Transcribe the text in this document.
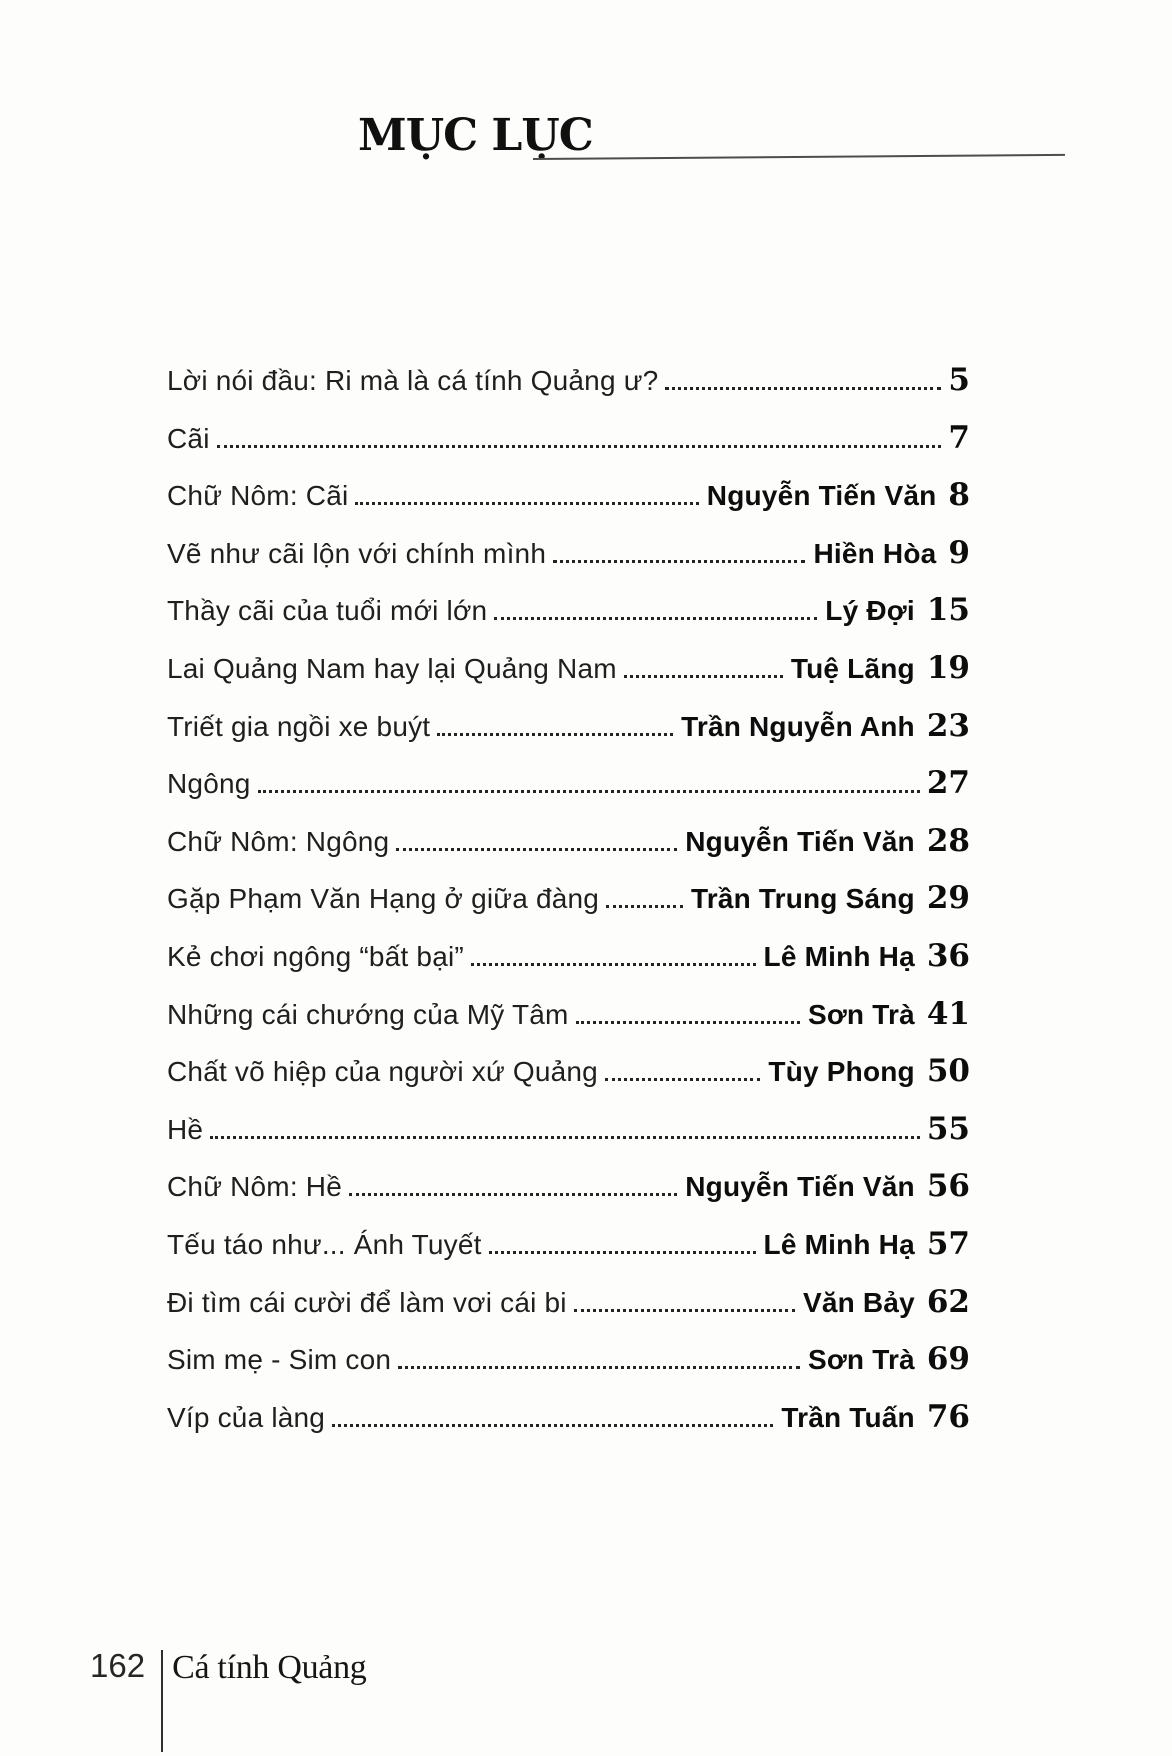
MỤC LỤC
Lời nói đầu: Ri mà là cá tính Quảng ư?	5
Cãi	7
Chữ Nôm: Cãi	Nguyễn Tiến Văn 8
Vẽ như cãi lộn với chính mình	Hiền Hòa 9
Thầy cãi của tuổi mới lớn	Lý Đợi 15
Lai Quảng Nam hay lại Quảng Nam	Tuệ Lãng 19
Triết gia ngồi xe buýt	Trần Nguyễn Anh 23
Ngông	27
Chữ Nôm: Ngông	Nguyễn Tiến Văn 28
Gặp Phạm Văn Hạng ở giữa đàng	Trần Trung Sáng 29
Kẻ chơi ngông “bất bại”	Lê Minh Hạ 36
Những cái chướng của Mỹ Tâm	Sơn Trà 41
Chất võ hiệp của người xứ Quảng	Tùy Phong 50
Hề	55
Chữ Nôm: Hề	Nguyễn Tiến Văn 56
Tếu táo như... Ánh Tuyết	Lê Minh Hạ 57
Đi tìm cái cười để làm vơi cái bi	Văn Bảy 62
Sim mẹ - Sim con	Sơn Trà 69
Víp của làng	Trần Tuấn 76
162 Cá tính Quảng
